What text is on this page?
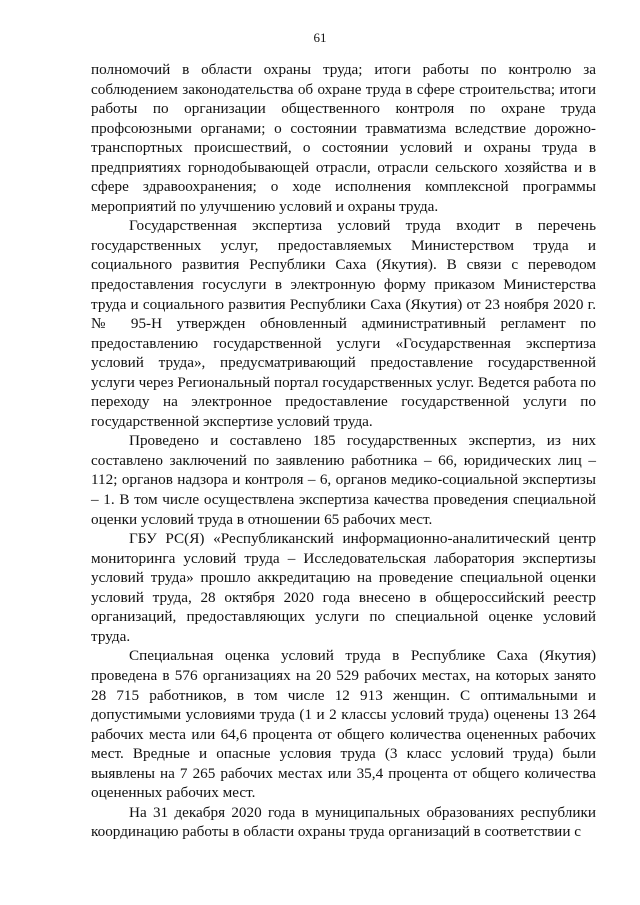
61

полномочий в области охраны труда; итоги работы по контролю за соблюдением законодательства об охране труда в сфере строительства; итоги работы по организации общественного контроля по охране труда профсоюзными органами; о состоянии травматизма вследствие дорожно-транспортных происшествий, о состоянии условий и охраны труда в предприятиях горнодобывающей отрасли, отрасли сельского хозяйства и в сфере здравоохранения; о ходе исполнения комплексной программы мероприятий по улучшению условий и охраны труда.

Государственная экспертиза условий труда входит в перечень государственных услуг, предоставляемых Министерством труда и социального развития Республики Саха (Якутия). В связи с переводом предоставления госуслуги в электронную форму приказом Министерства труда и социального развития Республики Саха (Якутия) от 23 ноября 2020 г. № 95-Н утвержден обновленный административный регламент по предоставлению государственной услуги «Государственная экспертиза условий труда», предусматривающий предоставление государственной услуги через Региональный портал государственных услуг. Ведется работа по переходу на электронное предоставление государственной услуги по государственной экспертизе условий труда.

Проведено и составлено 185 государственных экспертиз, из них составлено заключений по заявлению работника – 66, юридических лиц – 112; органов надзора и контроля – 6, органов медико-социальной экспертизы – 1. В том числе осуществлена экспертиза качества проведения специальной оценки условий труда в отношении 65 рабочих мест.

ГБУ РС(Я) «Республиканский информационно-аналитический центр мониторинга условий труда – Исследовательская лаборатория экспертизы условий труда» прошло аккредитацию на проведение специальной оценки условий труда, 28 октября 2020 года внесено в общероссийский реестр организаций, предоставляющих услуги по специальной оценке условий труда.

Специальная оценка условий труда в Республике Саха (Якутия) проведена в 576 организациях на 20 529 рабочих местах, на которых занято 28 715 работников, в том числе 12 913 женщин. С оптимальными и допустимыми условиями труда (1 и 2 классы условий труда) оценены 13 264 рабочих места или 64,6 процента от общего количества оцененных рабочих мест. Вредные и опасные условия труда (3 класс условий труда) были выявлены на 7 265 рабочих местах или 35,4 процента от общего количества оцененных рабочих мест.

На 31 декабря 2020 года в муниципальных образованиях республики координацию работы в области охраны труда организаций в соответствии с
